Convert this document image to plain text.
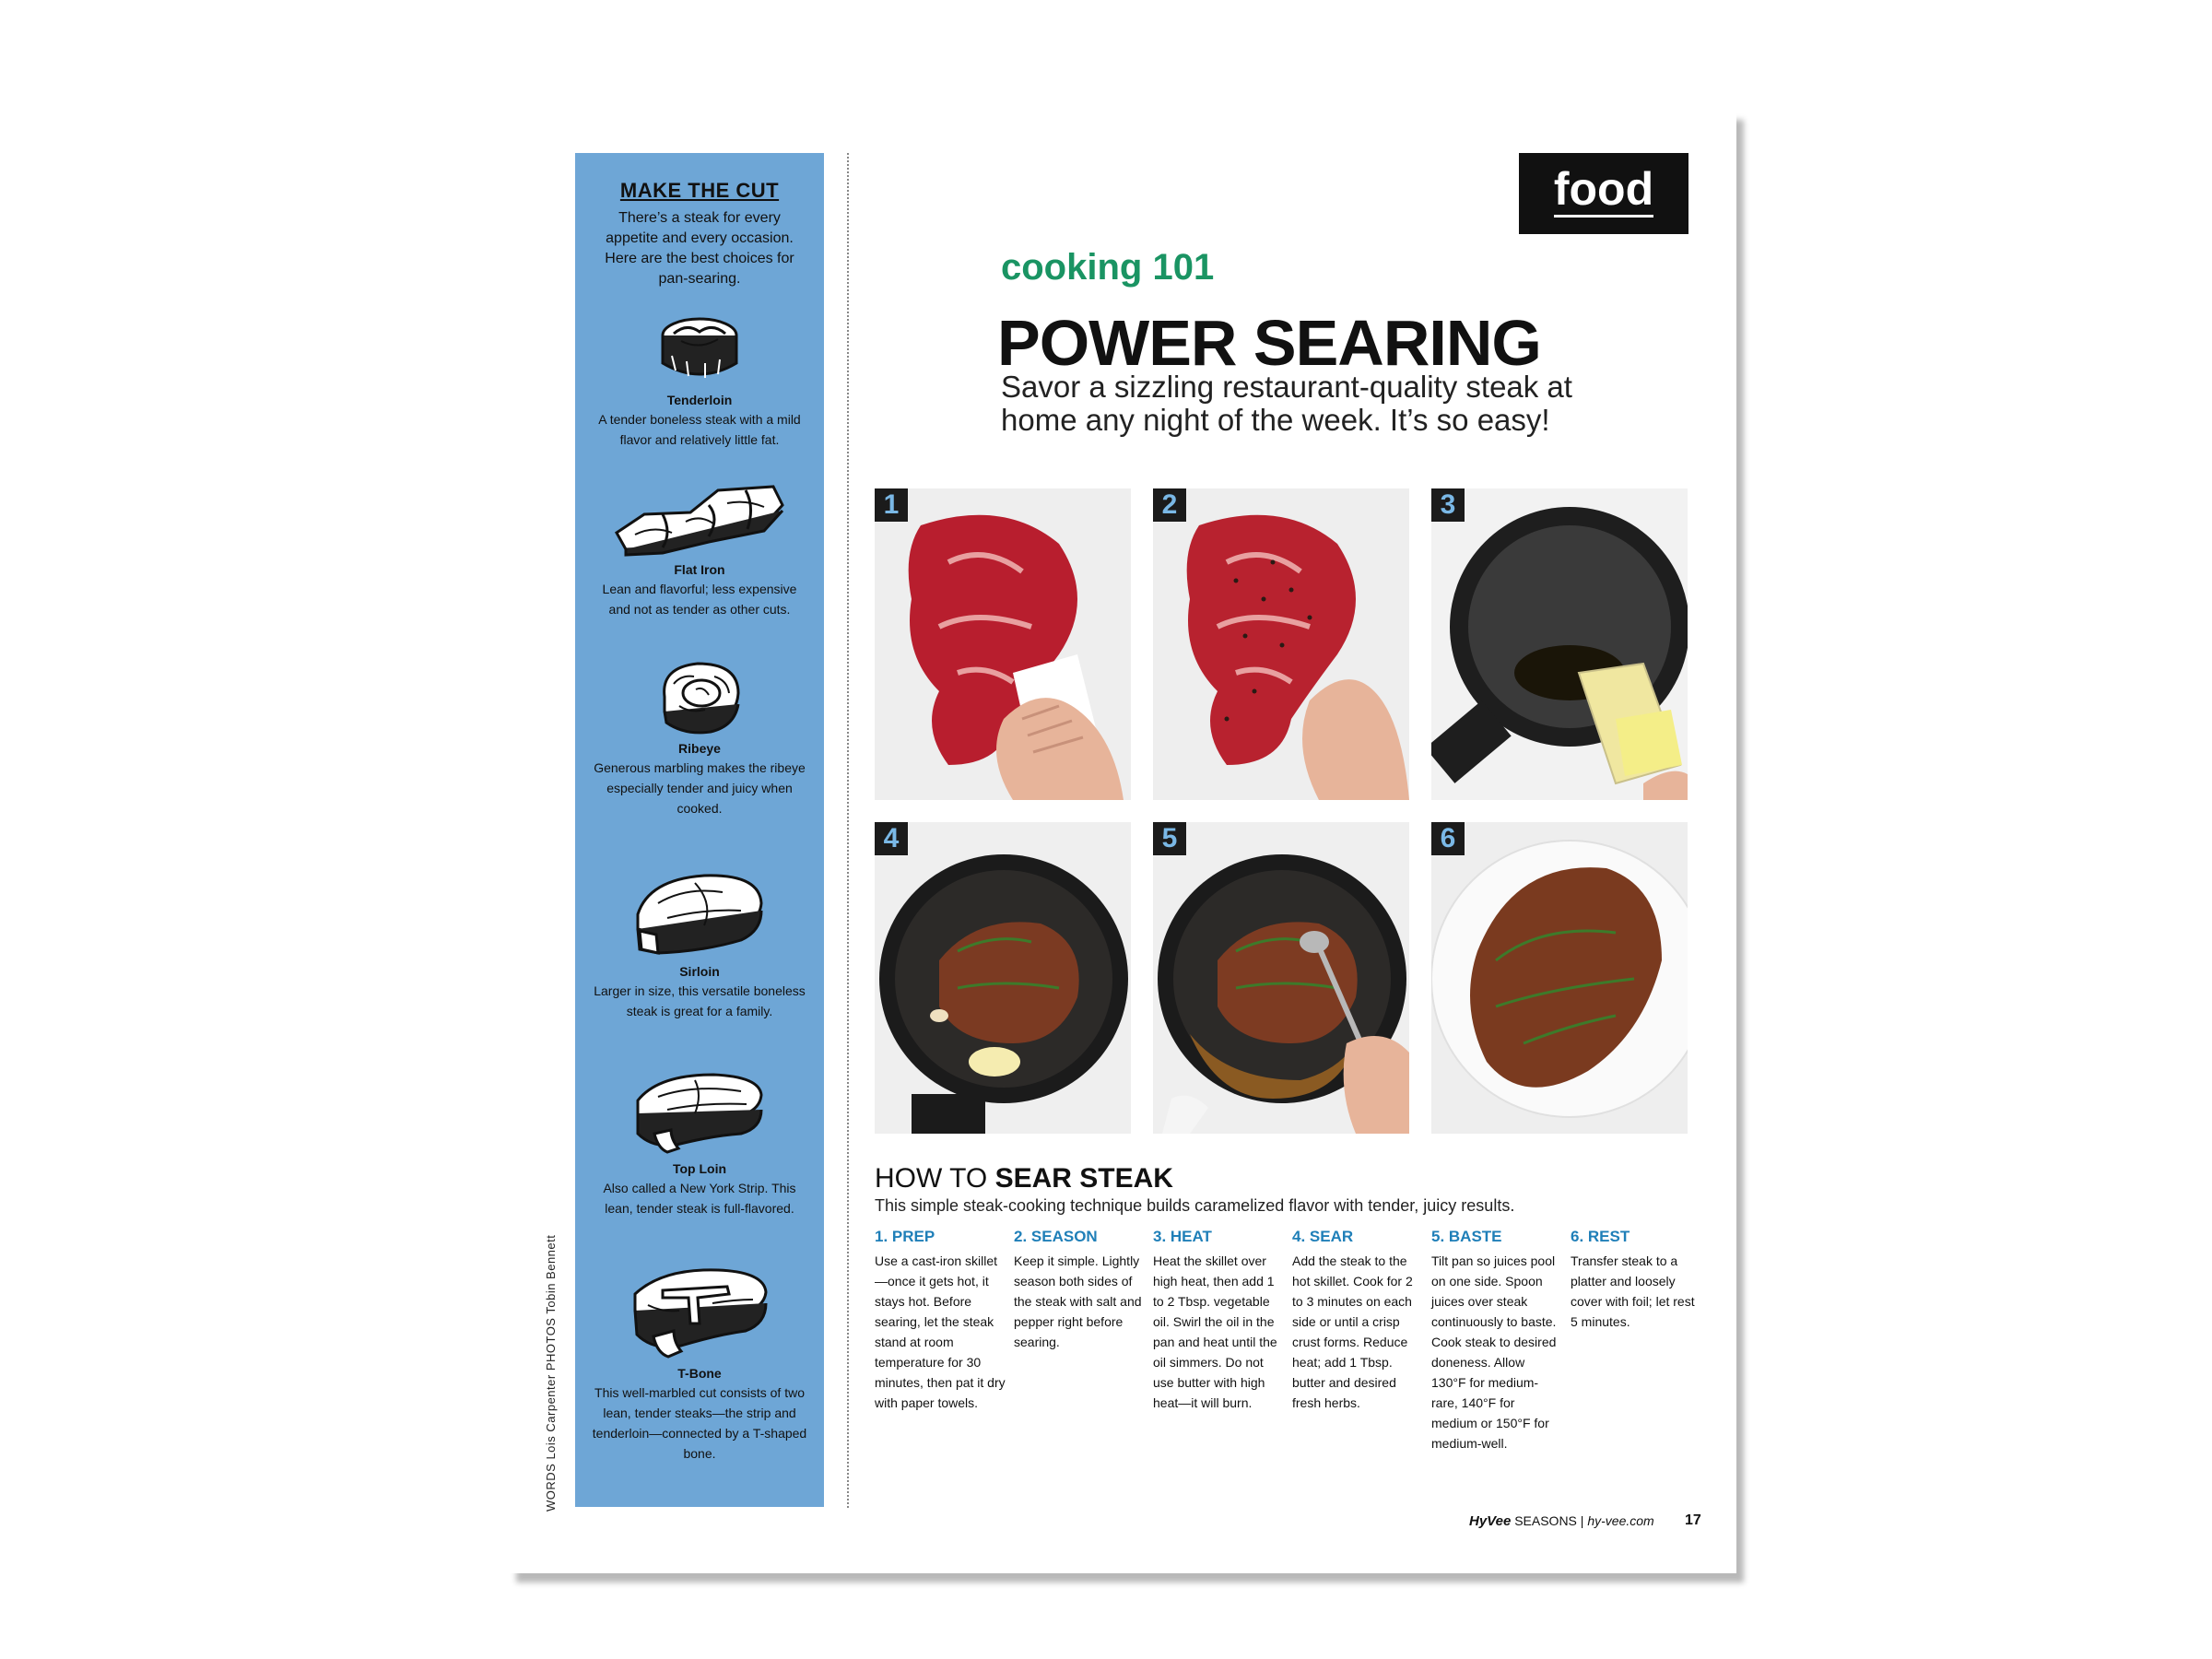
WORDS Lois Carpenter PHOTOS Tobin Bennett
MAKE THE CUT
There’s a steak for every appetite and every occasion. Here are the best choices for pan-searing.
Tenderloin
A tender boneless steak with a mild flavor and relatively little fat.
Flat Iron
Lean and flavorful; less expensive and not as tender as other cuts.
Ribeye
Generous marbling makes the ribeye especially tender and juicy when cooked.
Sirloin
Larger in size, this versatile boneless steak is great for a family.
Top Loin
Also called a New York Strip. This lean, tender steak is full-flavored.
T-Bone
This well-marbled cut consists of two lean, tender steaks—the strip and tenderloin—connected by a T-shaped bone.
food
cooking 101
POWER SEARING
Savor a sizzling restaurant-quality steak at home any night of the week. It’s so easy!
1	2	3
4	5	6
HOW TO SEAR STEAK
This simple steak-cooking technique builds caramelized flavor with tender, juicy results.
1. PREP
Use a cast-iron skillet—once it gets hot, it stays hot. Before searing, let the steak stand at room temperature for 30 minutes, then pat it dry with paper towels.
2. SEASON
Keep it simple. Lightly season both sides of the steak with salt and pepper right before searing.
3. HEAT
Heat the skillet over high heat, then add 1 to 2 Tbsp. vegetable oil. Swirl the oil in the pan and heat until the oil simmers. Do not use butter with high heat—it will burn.
4. SEAR
Add the steak to the hot skillet. Cook for 2 to 3 minutes on each side or until a crisp crust forms. Reduce heat; add 1 Tbsp. butter and desired fresh herbs.
5. BASTE
Tilt pan so juices pool on one side. Spoon juices over steak continuously to baste. Cook steak to desired doneness. Allow 130°F for medium-rare, 140°F for medium or 150°F for medium-well.
6. REST
Transfer steak to a platter and loosely cover with foil; let rest 5 minutes.
HyVee SEASONS | hy-vee.com 17
